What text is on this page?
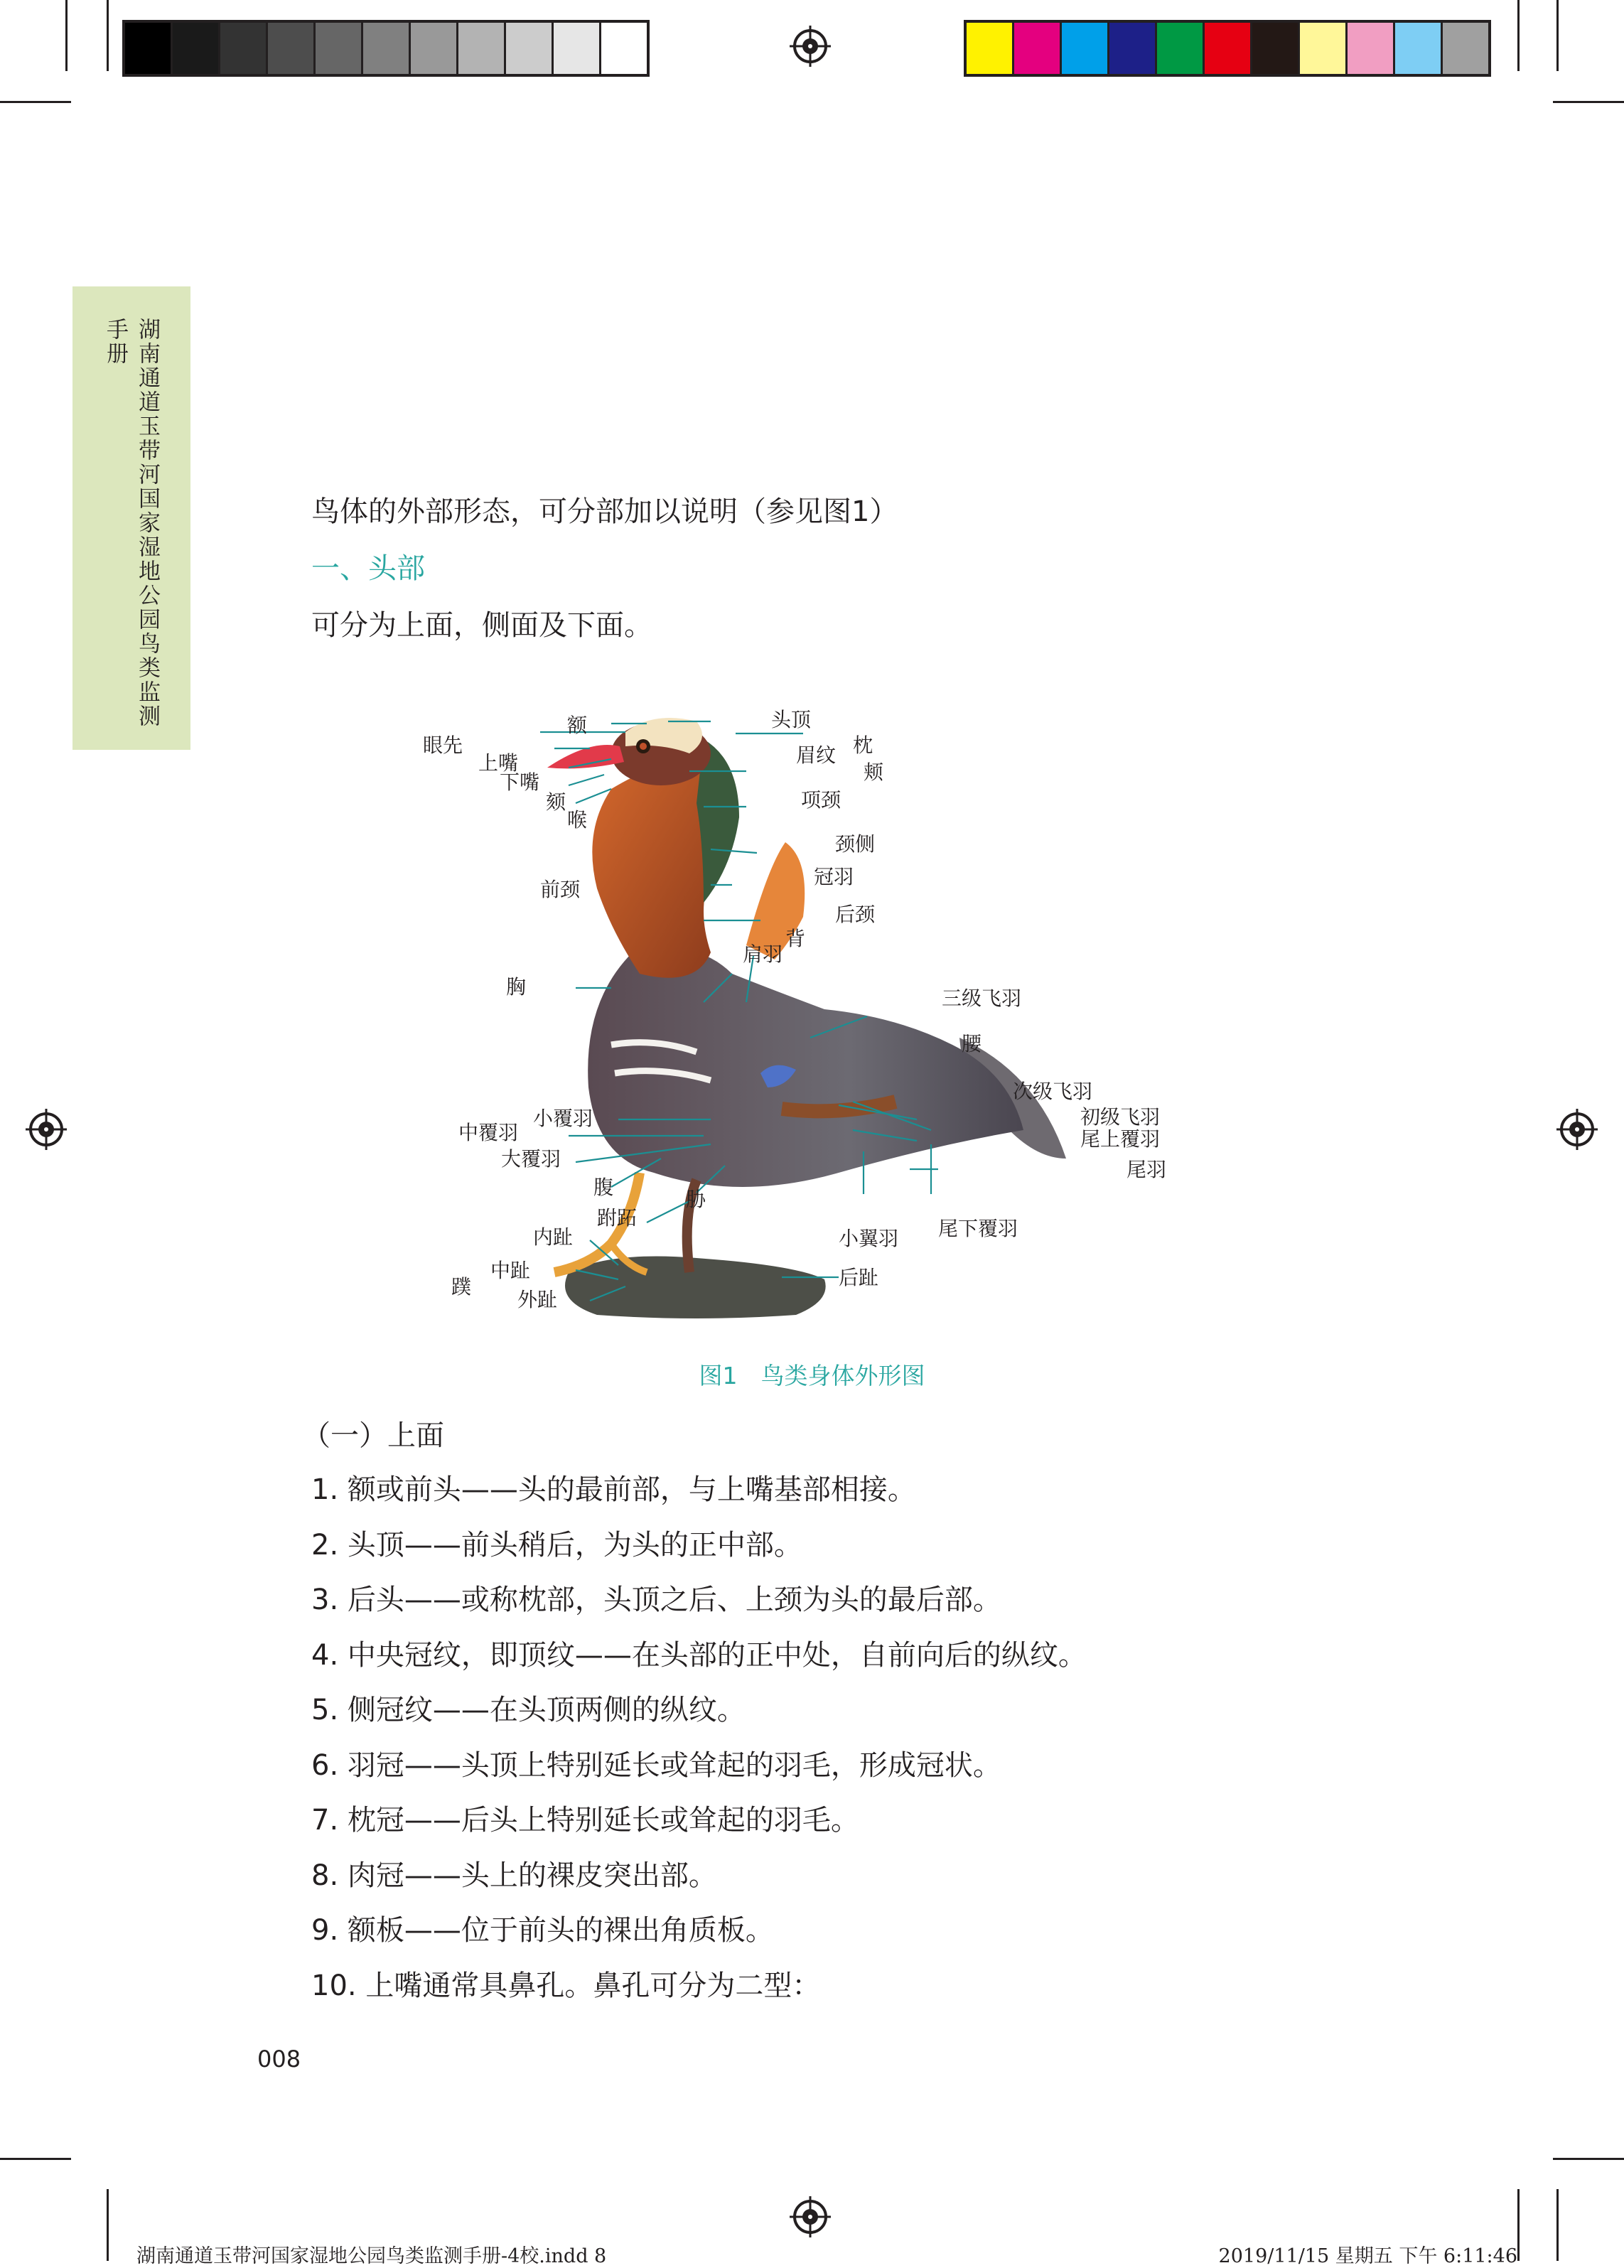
湖南通道玉带河国家湿地公园鸟类监测手册
鸟体的外部形态，可分部加以说明（参见图1）
一、头部
可分为上面，侧面及下面。
额	头顶
眼先	枕
上嘴	眉纹
下嘴	颊
颏	项颈
喉
颈侧
前颈
冠羽
后颈
背
肩羽
胸	三级飞羽
腰
次级飞羽
小覆羽	初级飞羽
中覆羽	尾上覆羽
大覆羽	尾羽
腹
胁
跗跖
内趾	小翼羽 尾下覆羽
中趾	后趾
蹼
外趾
图1　鸟类身体外形图
（一）上面
1. 额或前头——头的最前部，与上嘴基部相接。
2. 头顶——前头稍后，为头的正中部。
3. 后头——或称枕部，头顶之后、上颈为头的最后部。
4. 中央冠纹，即顶纹——在头部的正中处，自前向后的纵纹。
5. 侧冠纹——在头顶两侧的纵纹。
6. 羽冠——头顶上特别延长或耸起的羽毛，形成冠状。
7. 枕冠——后头上特别延长或耸起的羽毛。
8. 肉冠——头上的裸皮突出部。
9. 额板——位于前头的裸出角质板。
10. 上嘴通常具鼻孔。鼻孔可分为二型：
008
湖南通道玉带河国家湿地公园鸟类监测手册-4校.indd 8	2019/11/15 星期五 下午 6:11:46
